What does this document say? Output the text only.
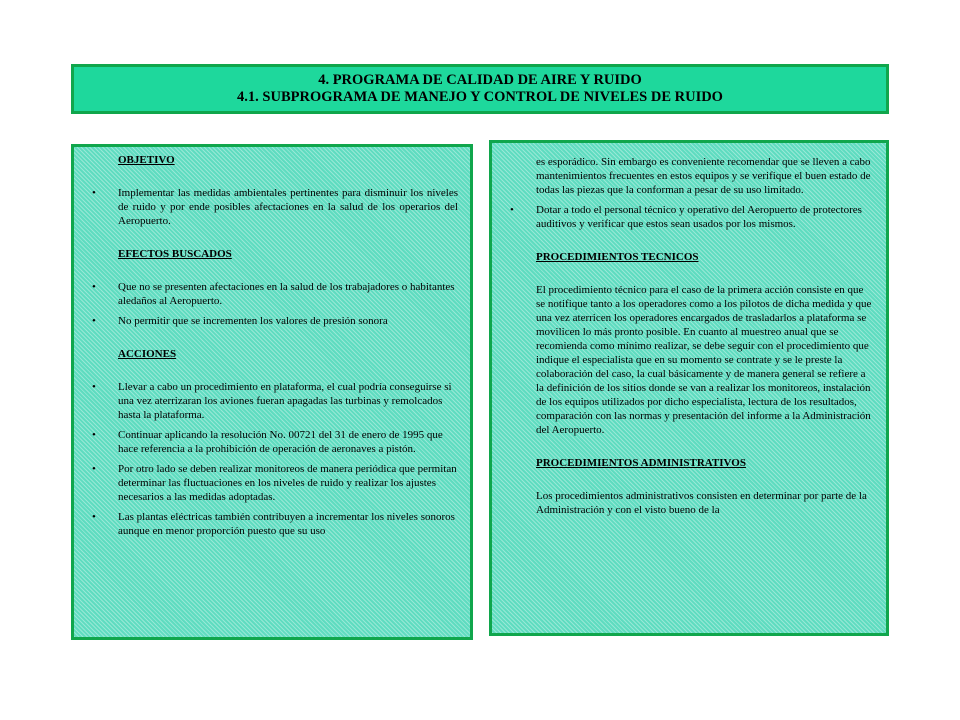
4. PROGRAMA DE CALIDAD DE AIRE Y RUIDO
4.1. SUBPROGRAMA DE MANEJO Y CONTROL DE NIVELES DE RUIDO

OBJETIVO

• Implementar las medidas ambientales pertinentes para disminuir los niveles de ruido y por ende posibles afectaciones en la salud de los operarios del Aeropuerto.

EFECTOS BUSCADOS

• Que no se presenten afectaciones en la salud de los trabajadores o habitantes aledaños al Aeropuerto.

• No permitir que se incrementen los valores de presión sonora

ACCIONES

• Llevar a cabo un procedimiento en plataforma, el cual podría conseguirse si una vez aterrizaran los aviones fueran apagadas las turbinas y remolcados hasta la plataforma.

• Continuar aplicando la resolución No. 00721 del 31 de enero de 1995 que hace referencia a la prohibición de operación de aeronaves a pistón.

• Por otro lado se deben realizar monitoreos de manera periódica que permitan determinar las fluctuaciones en los niveles de ruido y realizar los ajustes necesarios a las medidas adoptadas.

• Las plantas eléctricas también contribuyen a incrementar los niveles sonoros aunque en menor proporción puesto que su uso

es esporádico. Sin embargo es conveniente recomendar que se lleven a cabo mantenimientos frecuentes en estos equipos y se verifique el buen estado de todas las piezas que la conforman a pesar de su uso limitado.

• Dotar a todo el personal técnico y operativo del Aeropuerto de protectores auditivos y verificar que estos sean usados por los mismos.

PROCEDIMIENTOS TECNICOS

El procedimiento técnico para el caso de la primera acción consiste en que se notifique tanto a los operadores como a los pilotos de dicha medida y que una vez aterricen los operadores encargados de trasladarlos a plataforma se movilicen lo más pronto posible. En cuanto al muestreo anual que se recomienda como mínimo realizar, se debe seguir con el procedimiento que indique el especialista que en su momento se contrate y se le preste la colaboración del caso, la cual básicamente y de manera general se refiere a la definición de los sitios donde se van a realizar los monitoreos, instalación de los equipos utilizados por dicho especialista, lectura de los resultados, comparación con las normas y presentación del informe a la Administración del Aeropuerto.

PROCEDIMIENTOS ADMINISTRATIVOS

Los procedimientos administrativos consisten en determinar por parte de la Administración y con el visto bueno de la
